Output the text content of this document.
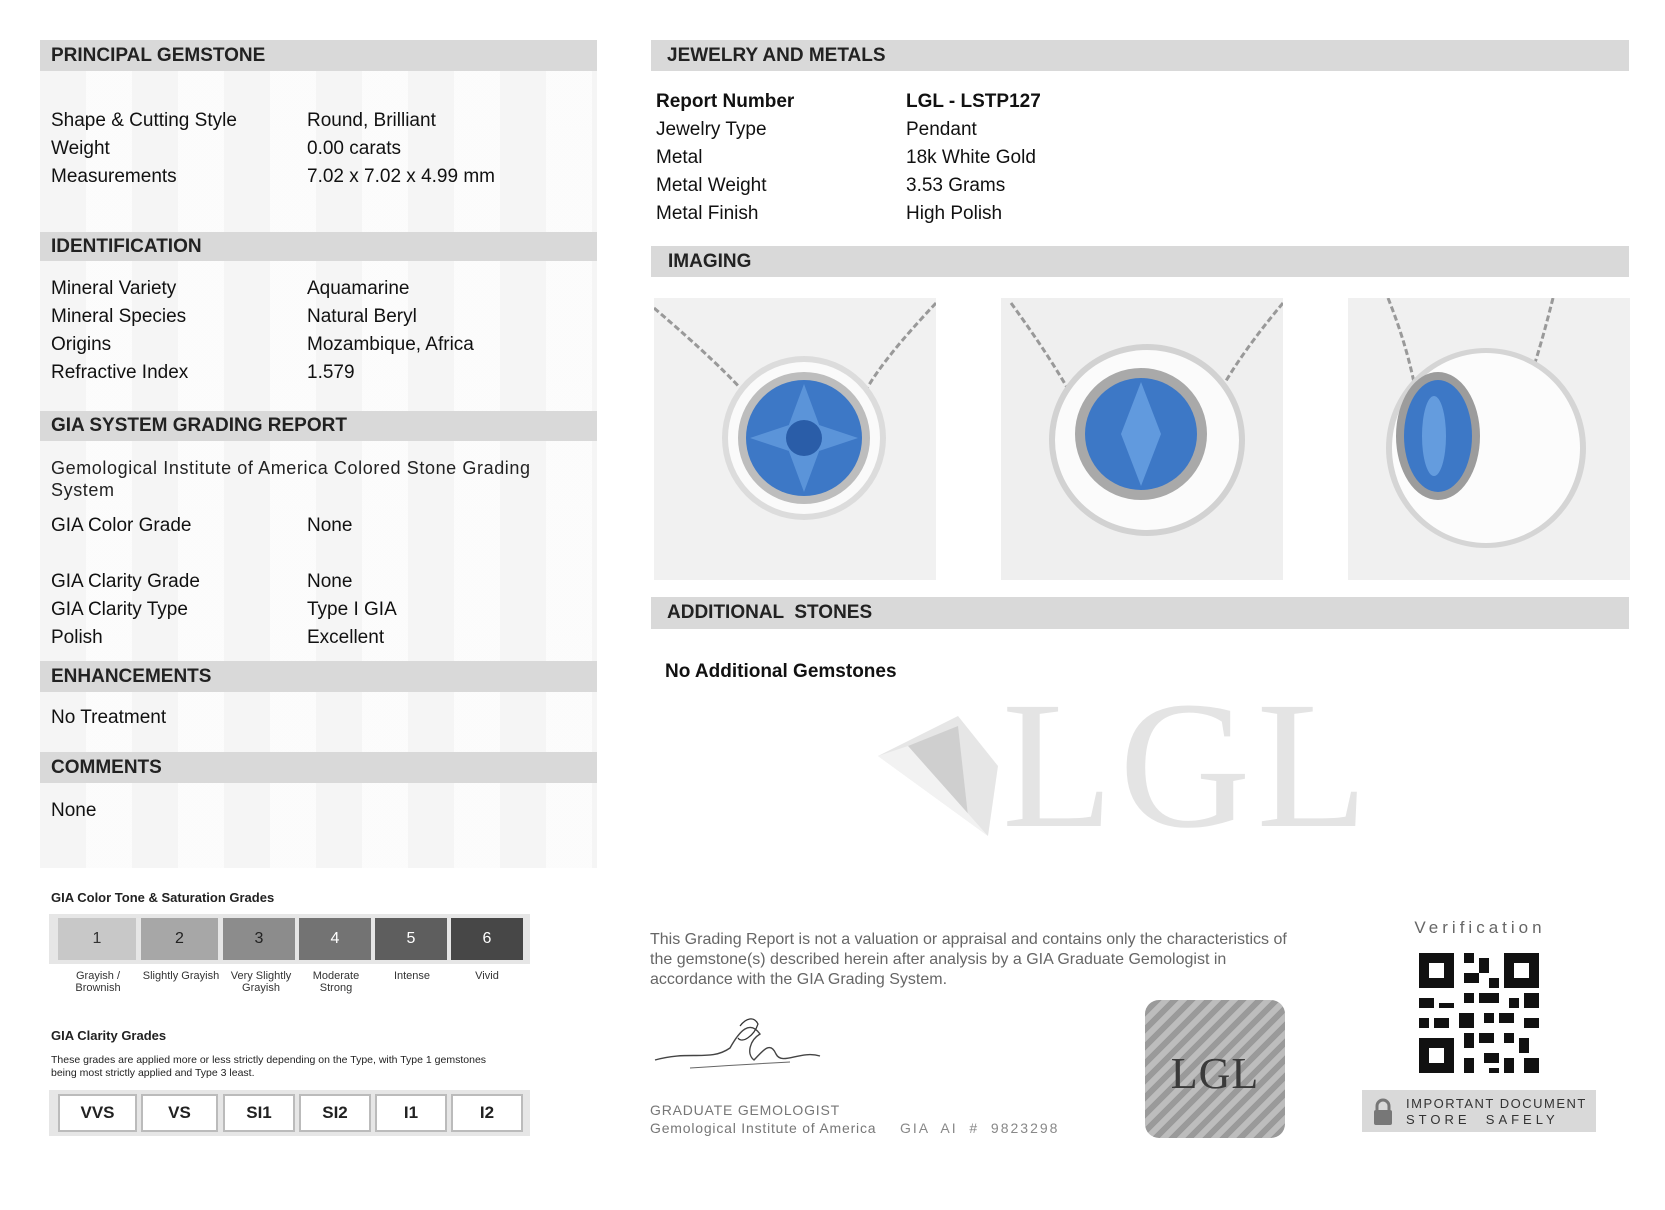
PRINCIPAL GEMSTONE
Shape & Cutting Style	Round, Brilliant
Weight	0.00 carats
Measurements	7.02 x 7.02 x 4.99 mm
IDENTIFICATION
Mineral Variety	Aquamarine
Mineral Species	Natural Beryl
Origins	Mozambique, Africa
Refractive Index	1.579
GIA SYSTEM GRADING REPORT
Gemological Institute of America Colored Stone Grading System
GIA Color Grade	None
GIA Clarity Grade	None
GIA Clarity Type	Type I GIA
Polish	Excellent
ENHANCEMENTS
No Treatment
COMMENTS
None
GIA Color Tone & Saturation Grades
1
Grayish / Brownish
2
Slightly Grayish
3
Very Slightly Grayish
4
Moderate Strong
5
Intense
6
Vivid
GIA Clarity Grades
These grades are applied more or less strictly depending on the Type, with Type 1 gemstones being most strictly applied and Type 3 least.
VVS	VS	SI1	SI2	I1	I2
JEWELRY AND METALS
Report Number	LGL - LSTP127
Jewelry Type	Pendant
Metal	18k White Gold
Metal Weight	3.53 Grams
Metal Finish	High Polish
IMAGING
ADDITIONAL  STONES
No Additional Gemstones LGL
This Grading Report is not a valuation or appraisal and contains only the characteristics of the gemstone(s) described herein after analysis by a GIA Graduate Gemologist in accordance with the GIA Grading System.
GRADUATE GEMOLOGIST
Gemological Institute of America GIA  AI  #  9823298
LGL
Verification
IMPORTANT DOCUMENT
STORE  SAFELY
